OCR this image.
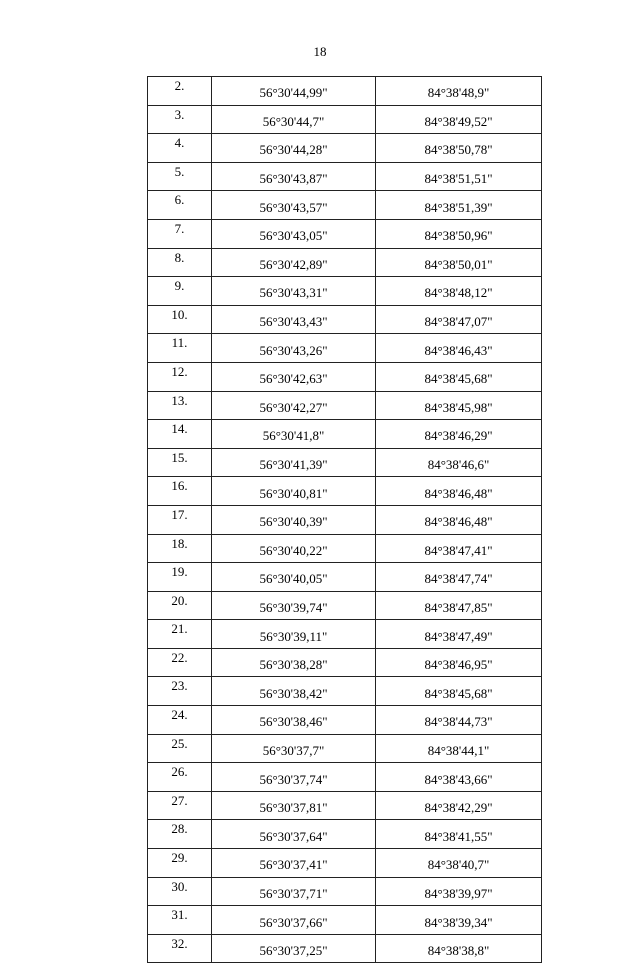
18
2.	56°30'44,99"	84°38'48,9"
3.	56°30'44,7"	84°38'49,52"
4.	56°30'44,28"	84°38'50,78"
5.	56°30'43,87"	84°38'51,51"
6.	56°30'43,57"	84°38'51,39"
7.	56°30'43,05"	84°38'50,96"
8.	56°30'42,89"	84°38'50,01"
9.	56°30'43,31"	84°38'48,12"
10.	56°30'43,43"	84°38'47,07"
11.	56°30'43,26"	84°38'46,43"
12.	56°30'42,63"	84°38'45,68"
13.	56°30'42,27"	84°38'45,98"
14.	56°30'41,8"	84°38'46,29"
15.	56°30'41,39"	84°38'46,6"
16.	56°30'40,81"	84°38'46,48"
17.	56°30'40,39"	84°38'46,48"
18.	56°30'40,22"	84°38'47,41"
19.	56°30'40,05"	84°38'47,74"
20.	56°30'39,74"	84°38'47,85"
21.	56°30'39,11"	84°38'47,49"
22.	56°30'38,28"	84°38'46,95"
23.	56°30'38,42"	84°38'45,68"
24.	56°30'38,46"	84°38'44,73"
25.	56°30'37,7"	84°38'44,1"
26.	56°30'37,74"	84°38'43,66"
27.	56°30'37,81"	84°38'42,29"
28.	56°30'37,64"	84°38'41,55"
29.	56°30'37,41"	84°38'40,7"
30.	56°30'37,71"	84°38'39,97"
31.	56°30'37,66"	84°38'39,34"
32.	56°30'37,25"	84°38'38,8"
